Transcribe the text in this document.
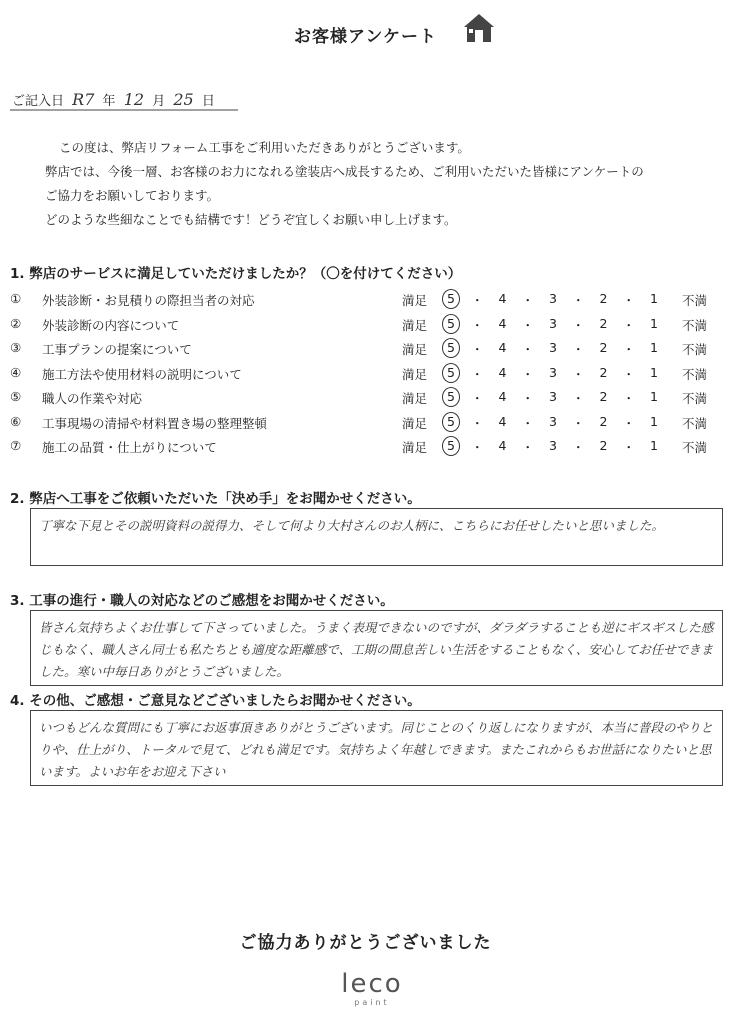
お客様アンケート
ご記入日 R7 年 12 月 25 日
この度は、弊店リフォーム工事をご利用いただきありがとうございます。
弊店では、今後一層、お客様のお力になれる塗装店へ成長するため、ご利用いただいた皆様にアンケートの
ご協力をお願いしております。
どのような些細なことでも結構です！どうぞ宜しくお願い申し上げます。
1. 弊店のサービスに満足していただけましたか？（〇を付けてください）
① 外装診断・お見積りの際担当者の対応	満足	5	・	4	・	3	・	2	・	1	不満
② 外装診断の内容について	満足	5	・	4	・	3	・	2	・	1	不満
③ 工事プランの提案について	満足	5	・	4	・	3	・	2	・	1	不満
④ 施工方法や使用材料の説明について	満足	5	・	4	・	3	・	2	・	1	不満
⑤ 職人の作業や対応	満足	5	・	4	・	3	・	2	・	1	不満
⑥ 工事現場の清掃や材料置き場の整理整頓	満足	5	・	4	・	3	・	2	・	1	不満
⑦ 施工の品質・仕上がりについて	満足	5	・	4	・	3	・	2	・	1	不満
2. 弊店へ工事をご依頼いただいた「決め手」をお聞かせください。
丁寧な下見とその説明資料の説得力、そして何より大村さんのお人柄に、こちらにお任せしたいと思いました。
3. 工事の進行・職人の対応などのご感想をお聞かせください。
皆さん気持ちよくお仕事して下さっていました。うまく表現できないのですが、ダラダラすることも逆にギスギスした感じもなく、職人さん同士も私たちとも適度な距離感で、工期の間息苦しい生活をすることもなく、安心してお任せできました。寒い中毎日ありがとうございました。
4. その他、ご感想・ご意見などございましたらお聞かせください。
いつもどんな質問にも丁寧にお返事頂きありがとうございます。同じことのくり返しになりますが、本当に普段のやりとりや、仕上がり、トータルで見て、どれも満足です。気持ちよく年越しできます。またこれからもお世話になりたいと思います。よいお年をお迎え下さい
ご協力ありがとうございました
leco
paint
